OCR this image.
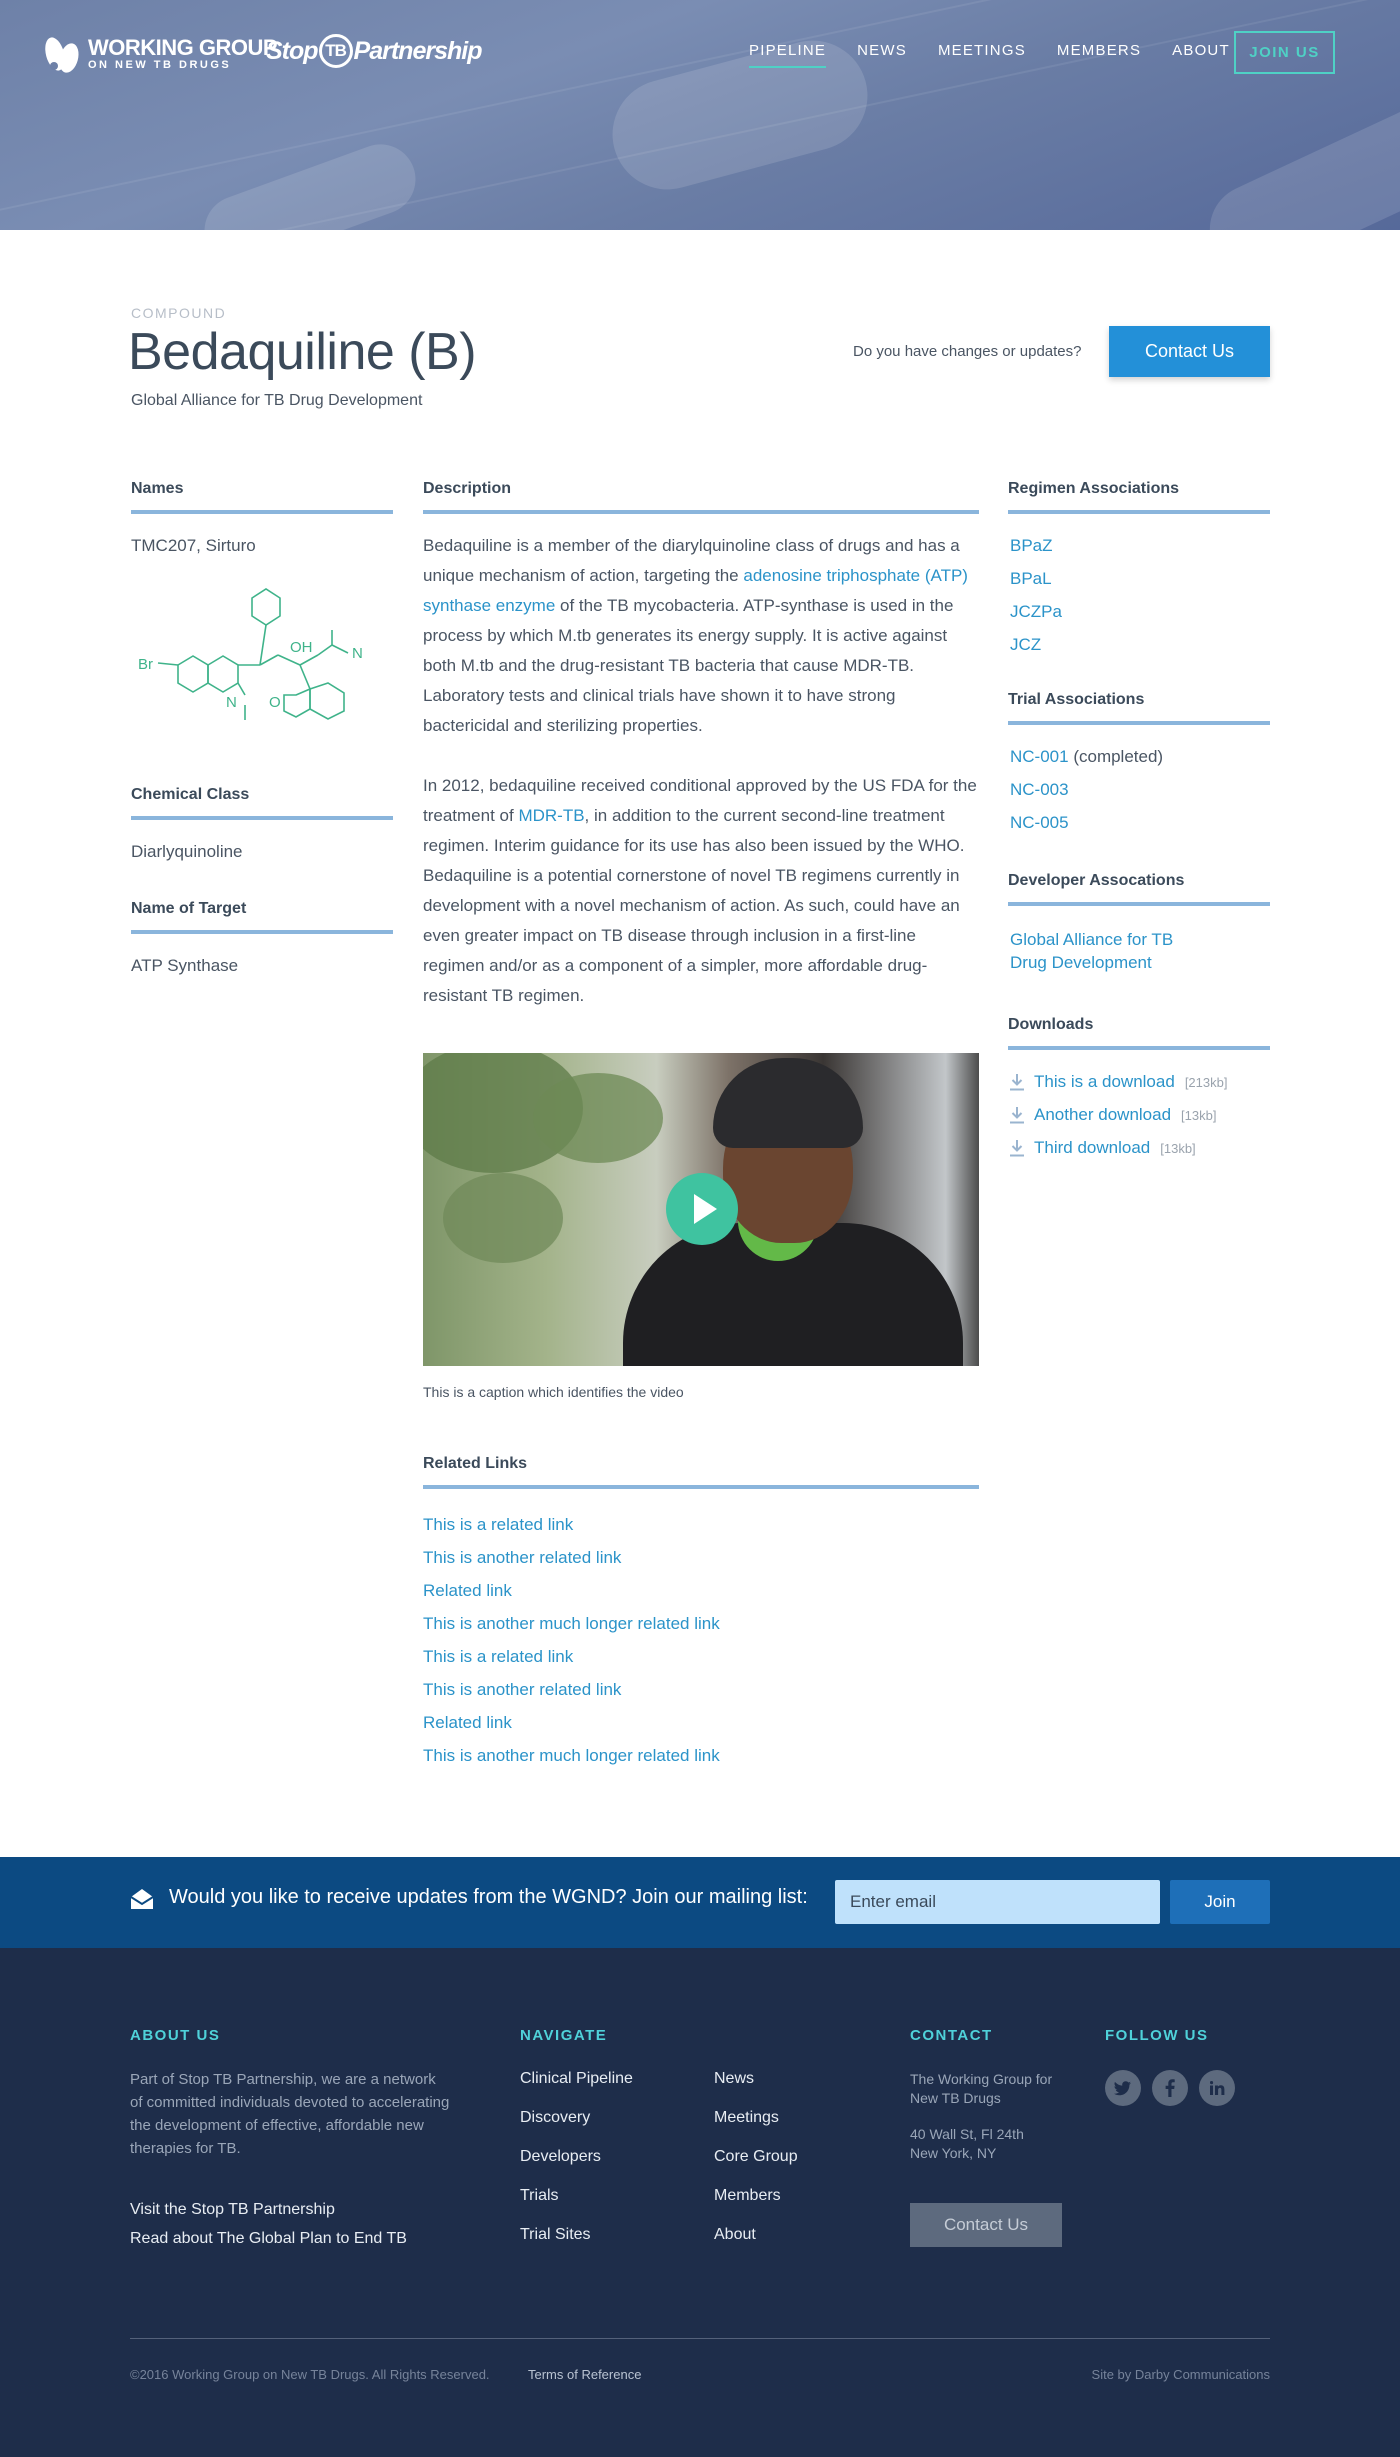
WORKING GROUP
ON NEW TB DRUGS	Stop TB Partnership	PIPELINE NEWS MEETINGS MEMBERS ABOUT	JOIN US
COMPOUND
Bedaquiline (B)
Global Alliance for TB Drug Development
Do you have changes or updates?	Contact Us
Names
TMC207, Sirturo
Br
OH	N
N O
Chemical Class
Diarlyquinoline
Name of Target
ATP Synthase
Description

Bedaquiline is a member of the diarylquinoline class of drugs and has a unique mechanism of action, targeting the adenosine triphosphate (ATP) synthase enzyme of the TB mycobacteria. ATP-synthase is used in the process by which M.tb generates its energy supply. It is active against both M.tb and the drug-resistant TB bacteria that cause MDR-TB. Laboratory tests and clinical trials have shown it to have strong bactericidal and sterilizing properties.

In 2012, bedaquiline received conditional approved by the US FDA for the treatment of MDR-TB, in addition to the current second-line treatment regimen. Interim guidance for its use has also been issued by the WHO. Bedaquiline is a potential cornerstone of novel TB regimens currently in development with a novel mechanism of action. As such, could have an even greater impact on TB disease through inclusion in a first-line regimen and/or as a component of a simpler, more affordable drug-resistant TB regimen.

This is a caption which identifies the video
Related Links
This is a related link
This is another related link
Related link
This is another much longer related link
This is a related link
This is another related link
Related link
This is another much longer related link
Regimen Associations
BPaZ
BPaL
JCZPa
JCZ
Trial Associations
NC-001 (completed)
NC-003
NC-005
Developer Assocations
Global Alliance for TB
Drug Development
Downloads
This is a download [213kb]
Another download [13kb]
Third download [13kb]
Would you like to receive updates from the WGND? Join our mailing list:
Enter email	Join
ABOUT US

Part of Stop TB Partnership, we are a network of committed individuals devoted to accelerating the development of effective, affordable new therapies for TB.

Visit the Stop TB Partnership
Read about The Global Plan to End TB
NAVIGATE
Clinical Pipeline
Discovery
Developers
Trials
Trial Sites
News
Meetings
Core Group
Members
About
CONTACT

The Working Group for New TB Drugs

40 Wall St, Fl 24th New York, NY

Contact Us
FOLLOW US
©2016 Working Group on New TB Drugs. All Rights Reserved.	Terms of Reference	Site by Darby Communications
